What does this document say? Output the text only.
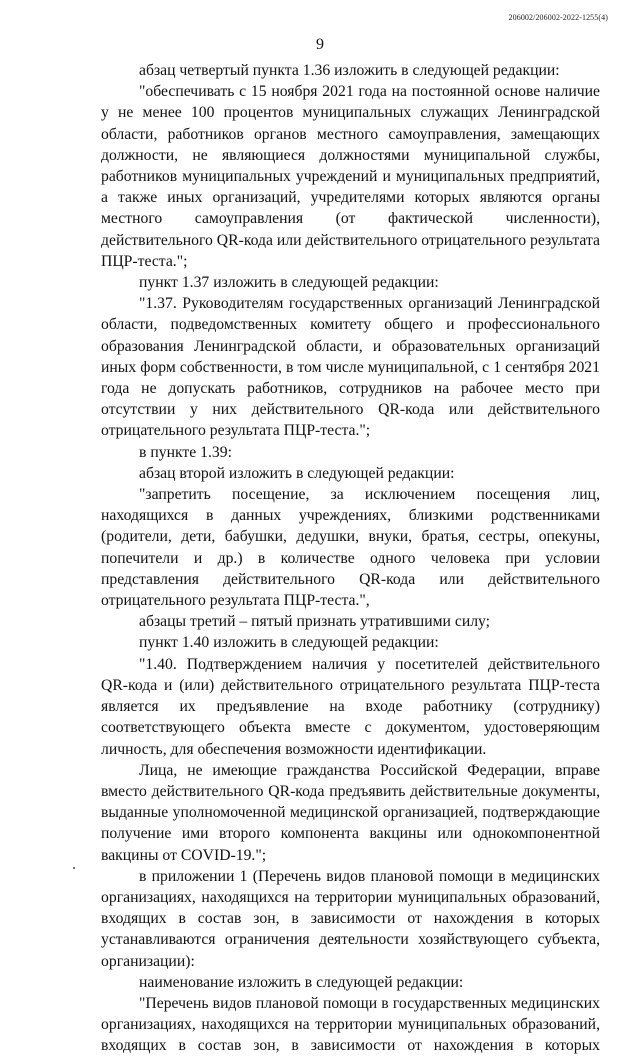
206002/206002-2022-1255(4)
9

абзац четвертый пункта 1.36 изложить в следующей редакции:

"обеспечивать с 15 ноября 2021 года на постоянной основе наличие у не менее 100 процентов муниципальных служащих Ленинградской области, работников органов местного самоуправления, замещающих должности, не являющиеся должностями муниципальной службы, работников муниципальных учреждений и муниципальных предприятий, а также иных организаций, учредителями которых являются органы местного самоуправления (от фактической численности), действительного QR-кода или действительного отрицательного результата ПЦР-теста.";

пункт 1.37 изложить в следующей редакции:

"1.37. Руководителям государственных организаций Ленинградской области, подведомственных комитету общего и профессионального образования Ленинградской области, и образовательных организаций иных форм собственности, в том числе муниципальной, с 1 сентября 2021 года не допускать работников, сотрудников на рабочее место при отсутствии у них действительного QR-кода или действительного отрицательного результата ПЦР-теста.";

в пункте 1.39:

абзац второй изложить в следующей редакции:

"запретить посещение, за исключением посещения лиц, находящихся в данных учреждениях, близкими родственниками (родители, дети, бабушки, дедушки, внуки, братья, сестры, опекуны, попечители и др.) в количестве одного человека при условии представления действительного QR-кода или действительного отрицательного результата ПЦР-теста.",

абзацы третий – пятый признать утратившими силу;

пункт 1.40 изложить в следующей редакции:

"1.40. Подтверждением наличия у посетителей действительного QR-кода и (или) действительного отрицательного результата ПЦР-теста является их предъявление на входе работнику (сотруднику) соответствующего объекта вместе с документом, удостоверяющим личность, для обеспечения возможности идентификации.

Лица, не имеющие гражданства Российской Федерации, вправе вместо действительного QR-кода предъявить действительные документы, выданные уполномоченной медицинской организацией, подтверждающие получение ими второго компонента вакцины или однокомпонентной вакцины от COVID-19.";

в приложении 1 (Перечень видов плановой помощи в медицинских организациях, находящихся на территории муниципальных образований, входящих в состав зон, в зависимости от нахождения в которых устанавливаются ограничения деятельности хозяйствующего субъекта, организации):

наименование изложить в следующей редакции:

"Перечень видов плановой помощи в государственных медицинских организациях, находящихся на территории муниципальных образований, входящих в состав зон, в зависимости от нахождения в которых
